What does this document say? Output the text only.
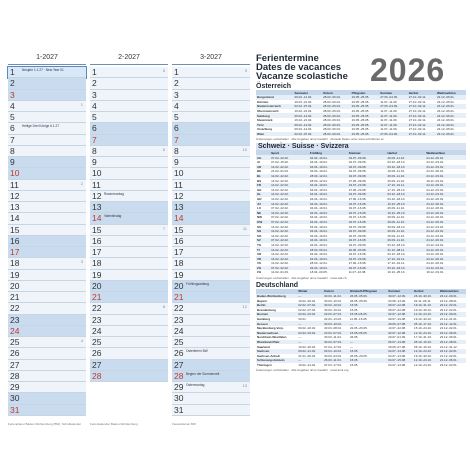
1-2027
1	Neujahr 1.1.27 · New Year 01
2
3
4	1
5
6	Heilige Drei Könige 6.1.27
7
8
9
10
11	2
12
13
14
15
16
17
18	3
19
20
21
22
23
24
25	4
26
27
28
29
30
31
Ferienplaner Baden-Württemberg (BW), Schulkalender
2-2027
1	5
2
3
4
5
6
7
8	6
9
10
11
12 Rosenmontag
13
14 Valentinstag
15	7
16
17
18
19
20
21
22	8
23
24
25
26
27
28
Ferienkalender Baden-Württemberg
3-2027
1	9
2
3
4
5
6
7
8	10
9
10
11
12
13
14
15	11
16
17
18
19
20 Frühlingsanfang
21
22	12
23
24
25
26 Osterferien BW
27
28 Beginn der Sommerzeit
29	13
Ostermontag
30
31
Fasnetsferien BW
2026
Ferientermine
Dates de vacances
Vacanze scolastiche
Österreich
	Semester	Ostern	Pfingsten	Sommer	Herbst	Weihnachten
Burgenland	09.02.-14.02.	28.03.-06.04.	23.05.-25.05.	27.06.-04.09.	27.10.-02.11.	24.12.-06.01.
Kärnten	16.02.-21.02.	28.03.-06.04.	23.05.-25.05.	11.07.-11.09.	27.10.-02.11.	24.12.-06.01.
Niederösterreich	02.02.-07.02.	28.03.-06.04.	23.05.-25.05.	27.06.-04.09.	27.10.-02.11.	24.12.-06.01.
Oberösterreich	16.02.-21.02.	28.03.-06.04.	23.05.-25.05.	11.07.-11.09.	27.10.-02.11.	24.12.-06.01.
Salzburg	09.02.-14.02.	28.03.-06.04.	23.05.-25.05.	11.07.-11.09.	27.10.-02.11.	24.12.-06.01.
Steiermark	16.02.-21.02.	28.03.-06.04.	23.05.-25.05.	11.07.-11.09.	27.10.-02.11.	24.12.-06.01.
Tirol	09.02.-14.02.	28.03.-06.04.	23.05.-25.05.	11.07.-11.09.	27.10.-02.11.	24.12.-06.01.
Vorarlberg	09.02.-14.02.	28.03.-06.04.	23.05.-25.05.	11.07.-11.09.	27.10.-02.11.	24.12.-06.01.
Wien	02.02.-07.02.	28.03.-06.04.	23.05.-25.05.	27.06.-04.09.	27.10.-02.11.	24.12.-06.01.
Änderungen vorbehalten · Alle Angaben ohne Gewähr · Aktuelle Daten unter www.schulferien.at
Schweiz · Suisse · Svizzera
	Sport	Frühling	Sommer	Herbst	Weihnachten
AG	07.02.-22.02.	04.04.-19.04.	04.07.-09.08.	26.09.-11.10.	24.12.-06.01.
AI	07.02.-15.02.	04.04.-19.04.	04.07.-09.08.	03.10.-18.10.	24.12.-03.01.
AR	14.02.-22.02.	04.04.-19.04.	04.07.-09.08.	03.10.-18.10.	24.12.-03.01.
BE	21.02.-01.03.	04.04.-19.04.	04.07.-09.08.	19.09.-11.10.	24.12.-06.01.
BL	14.02.-22.02.	28.03.-12.04.	04.07.-09.08.	26.09.-11.10.	24.12.-03.01.
BS	14.02.-22.02.	28.03.-12.04.	27.06.-09.08.	26.09.-11.10.	19.12.-03.01.
FR	14.02.-22.02.	04.04.-19.04.	04.07.-23.08.	17.10.-01.11.	24.12.-06.01.
GE	14.02.-22.02.	04.04.-19.04.	27.06.-23.08.	17.10.-25.10.	24.12.-03.01.
GL	14.02.-22.02.	04.04.-19.04.	04.07.-09.08.	03.10.-18.10.	24.12.-03.01.
GR	14.02.-22.02.	04.04.-19.04.	27.06.-16.08.	03.10.-18.10.	24.12.-06.01.
JU	14.02.-22.02.	04.04.-19.04.	04.07.-16.08.	10.10.-25.10.	24.12.-06.01.
LU	07.02.-22.02.	04.04.-19.04.	04.07.-16.08.	26.09.-11.10.	24.12.-06.01.
NE	14.02.-22.02.	04.04.-19.04.	04.07.-16.08.	10.10.-25.10.	24.12.-06.01.
NW	07.02.-22.02.	04.04.-19.04.	04.07.-16.08.	26.09.-11.10.	24.12.-06.01.
OW	07.02.-22.02.	04.04.-19.04.	04.07.-16.08.	26.09.-11.10.	24.12.-06.01.
SG	14.02.-22.02.	04.04.-19.04.	04.07.-09.08.	26.09.-18.10.	24.12.-03.01.
SH	14.02.-22.02.	04.04.-19.04.	04.07.-09.08.	26.09.-11.10.	24.12.-03.01.
SO	14.02.-22.02.	04.04.-19.04.	04.07.-09.08.	26.09.-11.10.	24.12.-03.01.
SZ	07.02.-22.02.	04.04.-19.04.	04.07.-16.08.	26.09.-11.10.	24.12.-06.01.
TG	14.02.-22.02.	04.04.-19.04.	04.07.-09.08.	03.10.-18.10.	24.12.-03.01.
TI	14.02.-22.02.	28.03.-06.04.	20.06.-30.08.	31.10.-08.11.	24.12.-06.01.
UR	14.02.-22.02.	04.04.-19.04.	04.07.-16.08.	03.10.-18.10.	24.12.-06.01.
VD	14.02.-22.02.	04.04.-19.04.	04.07.-23.08.	17.10.-01.11.	24.12.-06.01.
VS	14.02.-22.02.	28.03.-12.04.	27.06.-16.08.	17.10.-01.11.	24.12.-06.01.
ZG	07.02.-22.02.	04.04.-19.04.	04.07.-16.08.	03.10.-18.10.	24.12.-03.01.
ZH	14.02.-01.03.	18.04.-03.05.	11.07.-16.08.	10.10.-25.10.	19.12.-03.01.
Änderungen vorbehalten · Alle Angaben ohne Gewähr · www.edk.ch
Deutschland
	Winter	Ostern	Himmelf./Pfingsten	Sommer	Herbst	Weihnachten
Baden-Württemberg	—	30.03.-11.04.	26.05.-05.06.	30.07.-12.09.	26.10.-30.10.	23.12.-09.01.
Bayern	16.02.-20.02.	30.03.-10.04.	26.05.-05.06.	03.08.-14.09.	02.11.-06.11.	24.12.-08.01.
Berlin	02.02.-07.02.	30.03.-10.04.	15.05.	09.07.-22.08.	19.10.-31.10.	23.12.-02.01.
Brandenburg	02.02.-07.02.	30.03.-10.04.	15.05.	09.07.-22.08.	19.10.-30.10.	23.12.-02.01.
Bremen	02.02.-03.02.	23.03.-07.04.	15.05./26.05.	02.07.-12.08.	12.10.-24.10.	23.12.-09.01.
Hamburg	30.01.	02.03.-13.03.	11.05.-15.05.	09.07.-19.08.	19.10.-30.10.	21.12.-01.01.
Hessen	—	30.03.-10.04.	—	29.06.-07.08.	05.10.-17.10.	23.12.-12.01.
Mecklenburg-Vorp.	09.02.-20.02.	30.03.-08.04.	22.05.-26.05.	13.07.-22.08.	15.10.-24.10.	21.12.-02.01.
Niedersachsen	02.02.-03.02.	23.03.-07.04.	15.05./26.05.	02.07.-12.08.	12.10.-24.10.	23.12.-09.01.
Nordrhein-Westfalen	—	30.03.-11.04.	26.05.	20.07.-01.09.	17.10.-31.10.	23.12.-06.01.
Rheinland-Pfalz	—	30.03.-07.04.	—	06.07.-14.08.	05.10.-16.10.	23.12.-08.01.
Saarland	16.02.-20.02.	07.04.-17.04.	—	29.06.-07.08.	05.10.-16.10.	21.12.-31.12.
Sachsen	09.02.-21.02.	03.04.-10.04.	15.05.	04.07.-14.08.	12.10.-24.10.	23.12.-02.01.
Sachsen-Anhalt	31.01.-06.02.	30.03.-04.04.	26.05.-29.05.	04.07.-14.08.	19.10.-30.10.	21.12.-02.01.
Schleswig-Holstein	—	26.03.-11.04.	15.05.	04.07.-15.08.	12.10.-24.10.	21.12.-06.01.
Thüringen	16.02.-21.02.	07.04.-17.04.	15.05.	04.07.-14.08.	12.10.-24.10.	23.12.-02.01.
Änderungen vorbehalten · Alle Angaben ohne Gewähr · www.kmk.org
